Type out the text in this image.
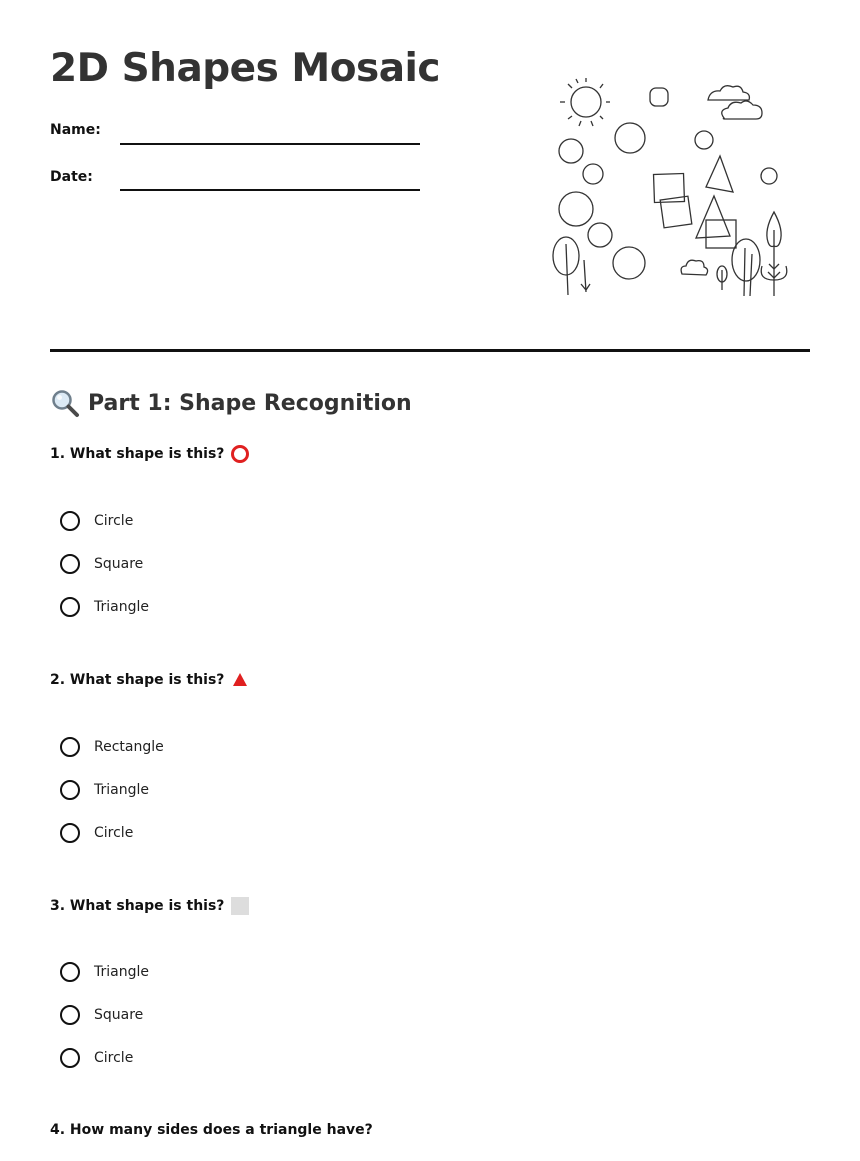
2D Shapes Mosaic
Name:
Date:
Part 1: Shape Recognition
1. What shape is this?
Circle
Square
Triangle
2. What shape is this?
Rectangle
Triangle
Circle
3. What shape is this?
Triangle
Square
Circle
4. How many sides does a triangle have?
